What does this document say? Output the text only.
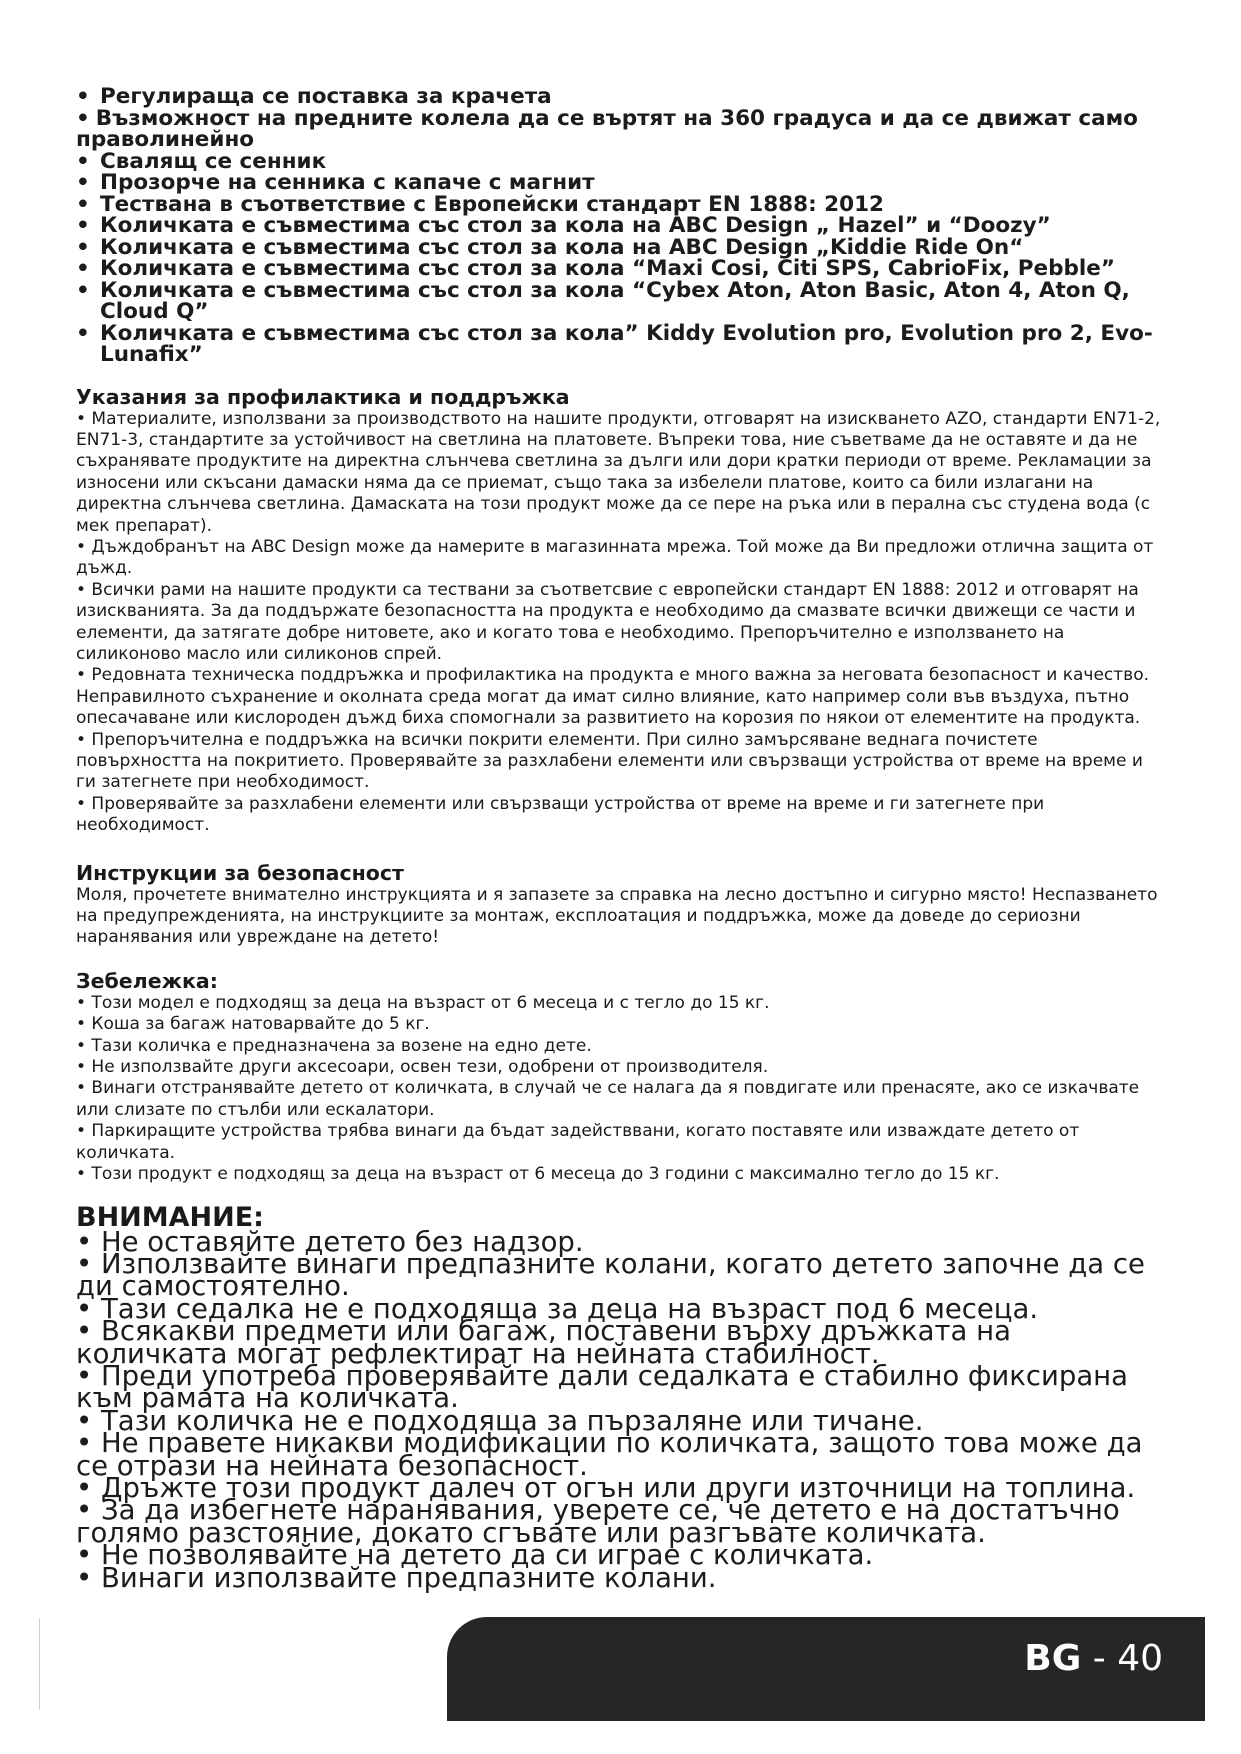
• Регулираща се поставка за крачета
• Възможност на предните колела да се въртят на 360 градуса и да се движат само праволинейно
• Свалящ се сенник
• Прозорче на сенника с капаче с магнит
• Тествана в съответствие с Европейски стандарт EN 1888: 2012
• Количката е съвместима със стол за кола на ABC Design „ Hazel” и “Doozy”
• Количката е съвместима със стол за кола на ABC Design „Kiddie Ride On“
• Количката е съвместима със стол за кола “Maxi Cosi, Citi SPS, CabrioFix, Pebble”
• Количката е съвместима със стол за кола “Cybex Aton, Aton Basic, Aton 4, Aton Q, Cloud Q”
• Количката е съвместима със стол за кола” Kiddy Evolution pro, Evolution pro 2, Evo-Lunafix”
Указания за профилактика и поддръжка

• Материалите, използвани за производството на нашите продукти, отговарят на изискването AZO, стандарти EN71-2, EN71-3, стандартите за устойчивост на светлина на платовете. Въпреки това, ние съветваме да не оставяте и да не съхранявате продуктите на директна слънчева светлина за дълги или дори кратки периоди от време. Рекламации за износени или скъсани дамаски няма да се приемат, също така за избелели платове, които са били излагани на директна слънчева светлина. Дамаската на този продукт може да се пере на ръка или в перална със студена вода (с мек препарат).

• Дъждобранът на ABC Design може да намерите в магазинната мрежа. Той може да Ви предложи отлична защита от дъжд.

• Всички рами на нашите продукти са тествани за съответсвие с европейски стандарт EN 1888: 2012 и отговарят на изискванията. За да поддържате безопасността на продукта е необходимо да смазвате всички движещи се части и елементи, да затягате добре нитовете, ако и когато това е необходимо. Препоръчително е използването на силиконово масло или силиконов спрей.

• Редовната техническа поддръжка и профилактика на продукта е много важна за неговата безопасност и качество. Неправилното съхранение и околната среда могат да имат силно влияние, като например соли във въздуха, пътно опесачаване или кислороден дъжд биха спомогнали за развитието на корозия по някои от елементите на продукта.

• Препоръчителна е поддръжка на всички покрити елементи. При силно замърсяване веднага почистете повърхността на покритието. Проверявайте за разхлабени елементи или свързващи устройства от време на време и ги затегнете при необходимост.

• Проверявайте за разхлабени елементи или свързващи устройства от време на време и ги затегнете при необходимост.

Инструкции за безопасност

Моля, прочетете внимателно инструкцията и я запазете за справка на лесно достъпно и сигурно място! Неспазването на предупрежденията, на инструкциите за монтаж, експлоатация и поддръжка, може да доведе до сериозни наранявания или увреждане на детето!

Зебележка:

• Този модел е подходящ за деца на възраст от 6 месеца и с тегло до 15 кг.

• Коша за багаж натоварвайте до 5 кг.

• Тази количка е предназначена за возене на едно дете.

• Не използвайте други аксесоари, освен тези, одобрени от производителя.

• Винаги отстранявайте детето от количката, в случай че се налага да я повдигате или пренасяте, ако се изкачвате или слизате по стълби или ескалатори.

• Паркиращите устройства трябва винаги да бъдат задействвани, когато поставяте или изваждате детето от количката.

• Този продукт е подходящ за деца на възраст от 6 месеца до 3 години с максимално тегло до 15 кг.

ВНИМАНИЕ:
• Не оставяйте детето без надзор.
• Използвайте винаги предпазните колани, когато детето започне да се ди самостоятелно.
• Тази седалка не е подходяща за деца на възраст под 6 месеца.
• Всякакви предмети или багаж, поставени върху дръжката на количката могат рефлектират на нейната стабилност.
• Преди употреба проверявайте дали седалката е стабилно фиксирана към рамата на количката.
• Тази количка не е подходяща за пързаляне или тичане.
• Не правете никакви модификации по количката, защото това може да се отрази на нейната безопасност.
• Дръжте този продукт далеч от огън или други източници на топлина.
• За да избегнете наранявания, уверете се, че детето е на достатъчно голямо разстояние, докато сгъвате или разгъвате количката.
• Не позволявайте на детето да си играе с количката.
• Винаги използвайте предпазните колани.
BG - 40
